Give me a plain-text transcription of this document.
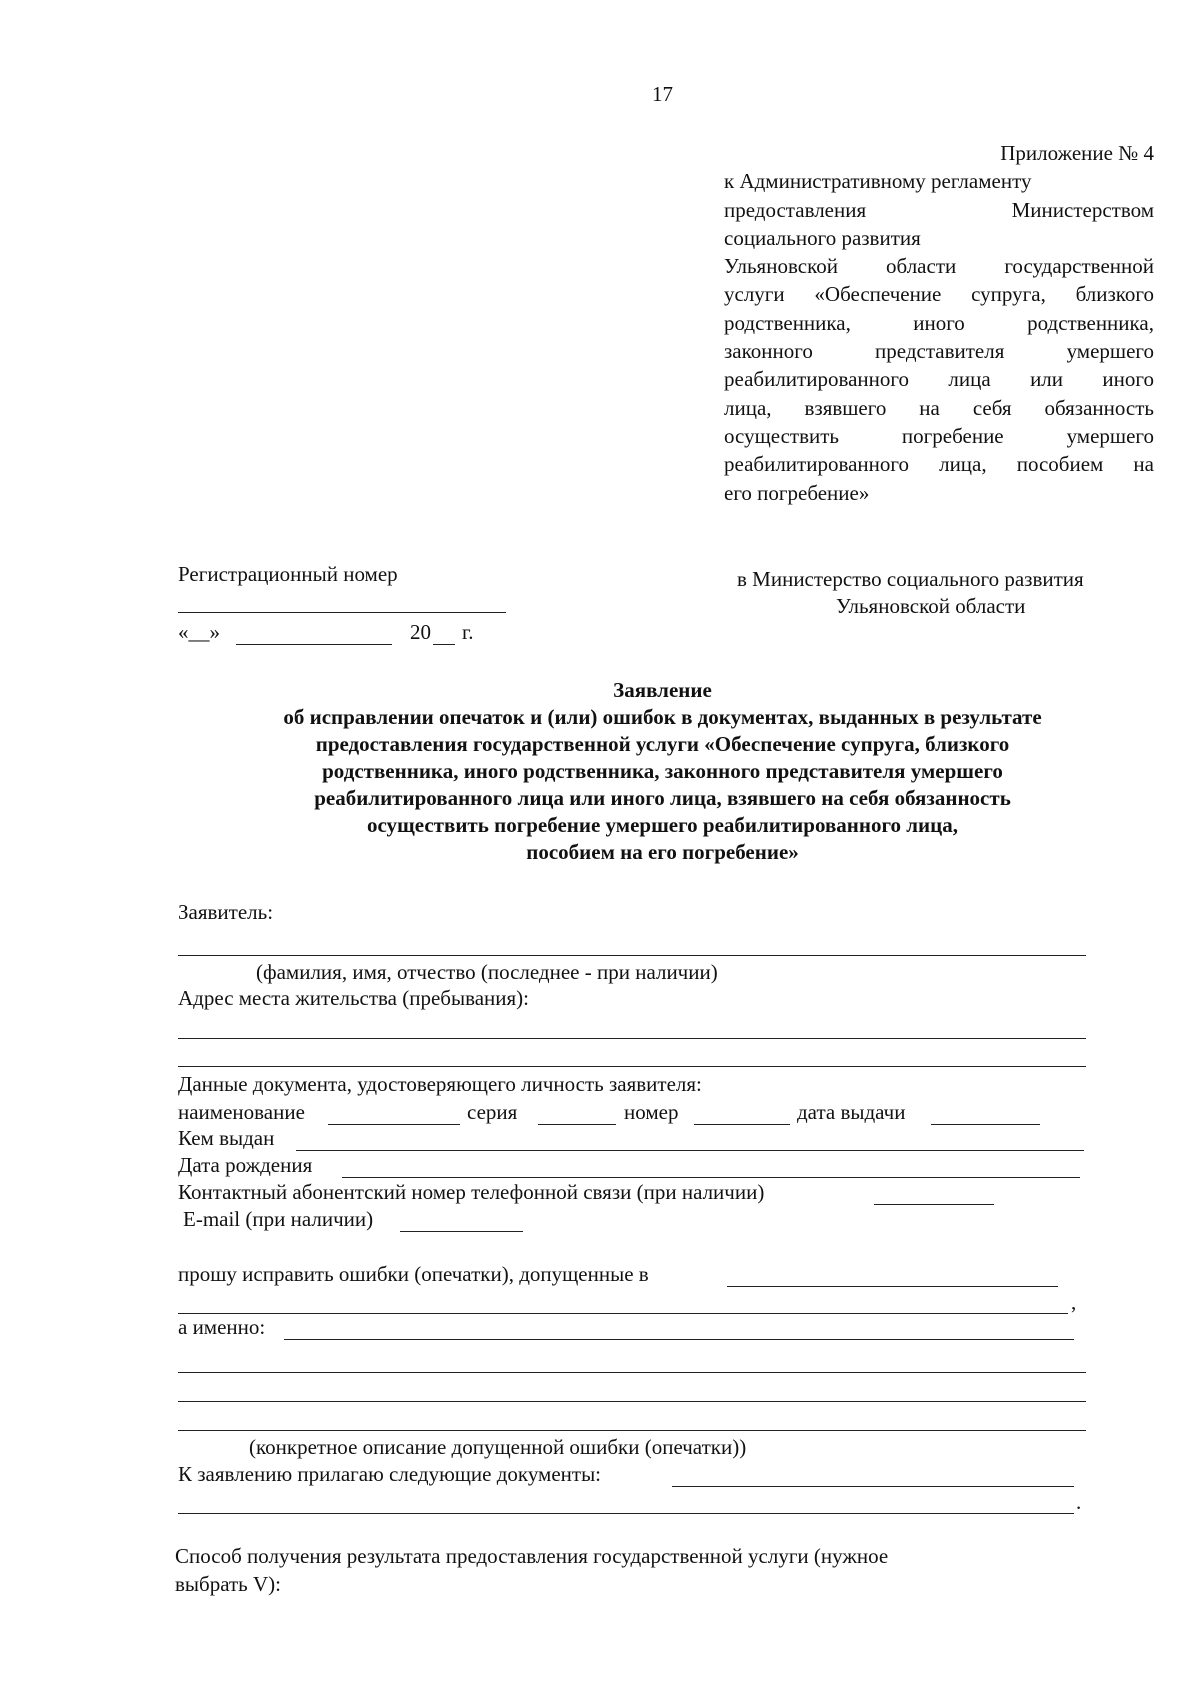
17
Приложение № 4
к Административному регламенту
предоставления Министерством
социального развития
Ульяновской области государственной
услуги «Обеспечение супруга, близкого
родственника, иного родственника,
законного представителя умершего
реабилитированного лица или иного
лица, взявшего на себя обязанность
осуществить погребение умершего
реабилитированного лица, пособием на
его погребение»
Регистрационный номер
«__»	20 г.
в Министерство социального развития
Ульяновской области
Заявление
об исправлении опечаток и (или) ошибок в документах, выданных в результате
предоставления государственной услуги «Обеспечение супруга, близкого
родственника, иного родственника, законного представителя умершего
реабилитированного лица или иного лица, взявшего на себя обязанность
осуществить погребение умершего реабилитированного лица,
пособием на его погребение»
Заявитель:
(фамилия, имя, отчество (последнее - при наличии)
Адрес места жительства (пребывания):
Данные документа, удостоверяющего личность заявителя:
наименование	серия	номер	дата выдачи
Кем выдан
Дата рождения
Контактный абонентский номер телефонной связи (при наличии)
E-mail (при наличии)
прошу исправить ошибки (опечатки), допущенные в
,
а именно:
(конкретное описание допущенной ошибки (опечатки))
К заявлению прилагаю следующие документы:
.
Способ получения результата предоставления государственной услуги (нужное
выбрать V):
